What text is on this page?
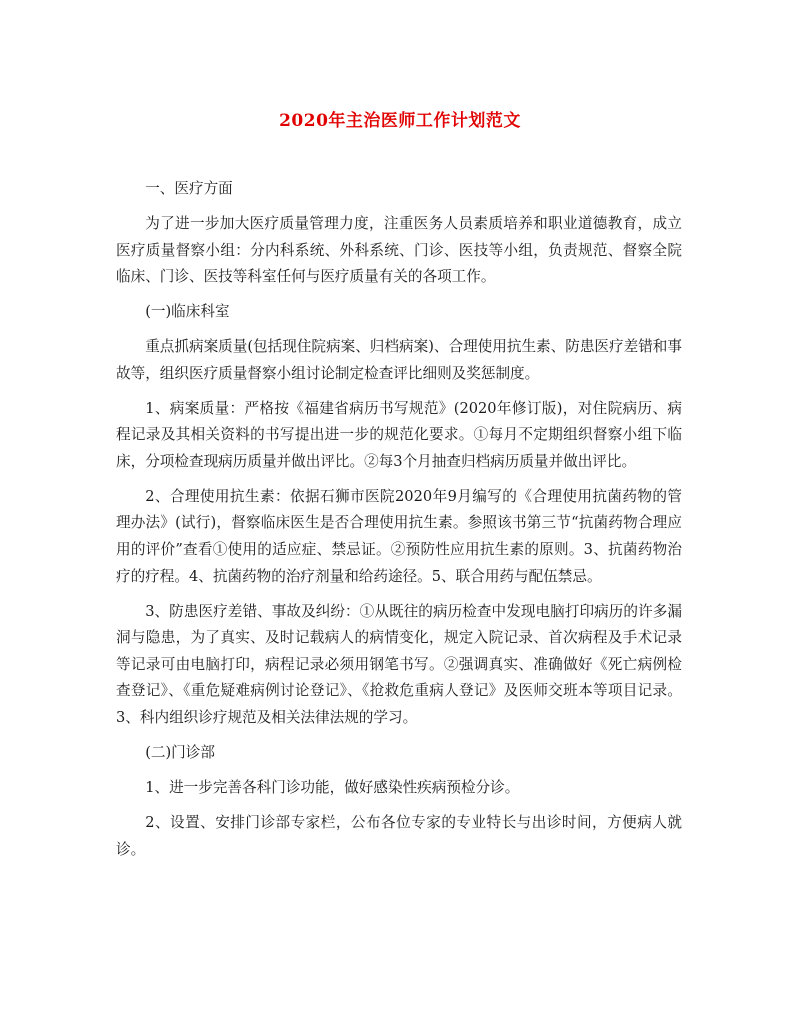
2020年主治医师工作计划范文

一、医疗方面

为了进一步加大医疗质量管理力度，注重医务人员素质培养和职业道德教育，成立医疗质量督察小组：分内科系统、外科系统、门诊、医技等小组，负责规范、督察全院临床、门诊、医技等科室任何与医疗质量有关的各项工作。

(一)临床科室

重点抓病案质量(包括现住院病案、归档病案)、合理使用抗生素、防患医疗差错和事故等，组织医疗质量督察小组讨论制定检查评比细则及奖惩制度。

1、病案质量：严格按《福建省病历书写规范》(2020年修订版)，对住院病历、病程记录及其相关资料的书写提出进一步的规范化要求。①每月不定期组织督察小组下临床，分项检查现病历质量并做出评比。②每3个月抽查归档病历质量并做出评比。

2、合理使用抗生素：依据石狮市医院2020年9月编写的《合理使用抗菌药物的管理办法》(试行)，督察临床医生是否合理使用抗生素。参照该书第三节“抗菌药物合理应用的评价”查看①使用的适应症、禁忌证。②预防性应用抗生素的原则。3、抗菌药物治疗的疗程。4、抗菌药物的治疗剂量和给药途径。5、联合用药与配伍禁忌。

3、防患医疗差错、事故及纠纷：①从既往的病历检查中发现电脑打印病历的许多漏洞与隐患，为了真实、及时记载病人的病情变化，规定入院记录、首次病程及手术记录等记录可由电脑打印，病程记录必须用钢笔书写。②强调真实、准确做好《死亡病例检查登记》、《重危疑难病例讨论登记》、《抢救危重病人登记》及医师交班本等项目记录。3、科内组织诊疗规范及相关法律法规的学习。

(二)门诊部

1、进一步完善各科门诊功能，做好感染性疾病预检分诊。

2、设置、安排门诊部专家栏，公布各位专家的专业特长与出诊时间，方便病人就诊。
